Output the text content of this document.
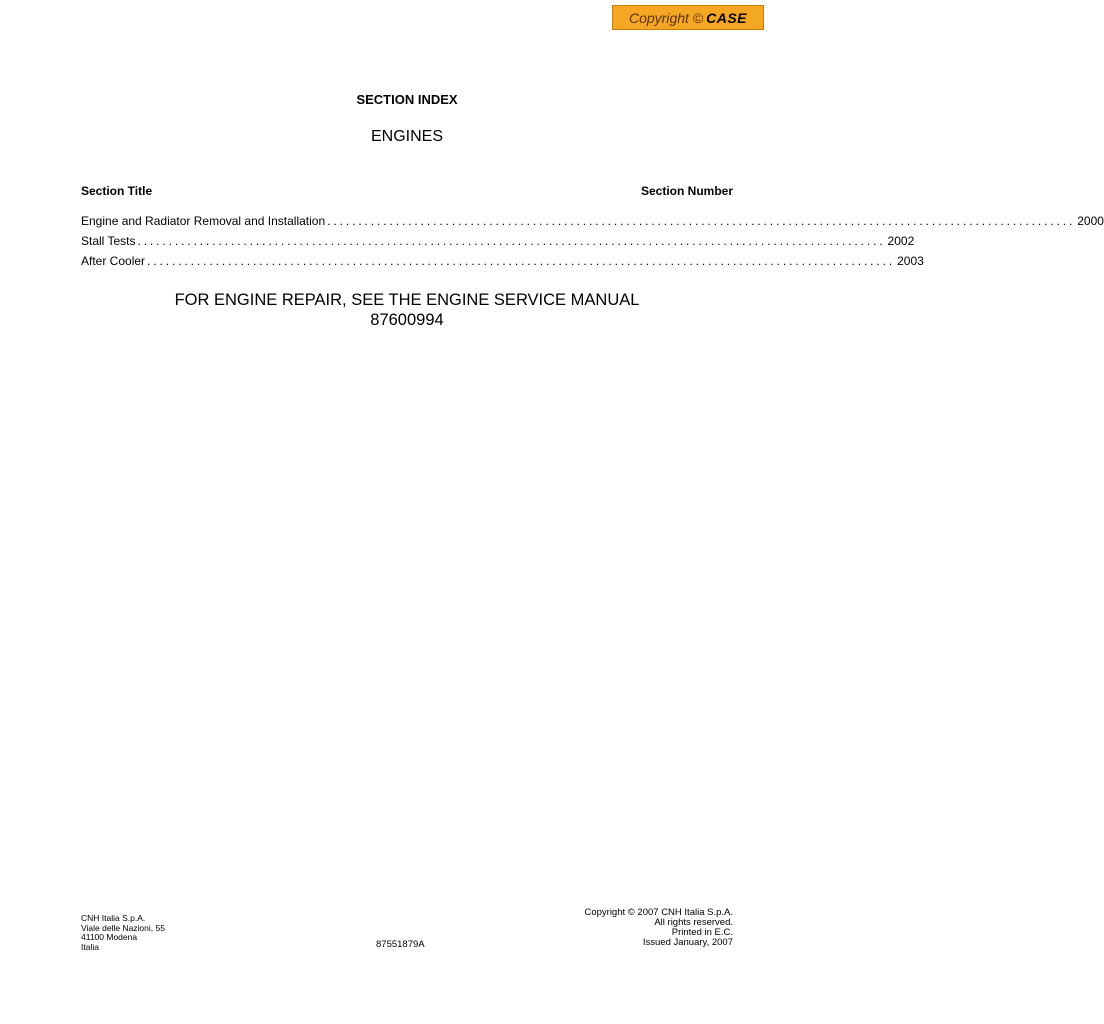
Copyright © CASE
SECTION INDEX
ENGINES
Section Title	Section Number
Engine and Radiator Removal and Installation ........................................................................................................................ 2000
Stall Tests ........................................................................................................................ 2002
After Cooler ........................................................................................................................ 2003
FOR ENGINE REPAIR, SEE THE ENGINE SERVICE MANUAL
87600994
CNH Italia S.p.A.
Viale delle Nazioni, 55
41100 Modena
Italia	87551879A
Copyright © 2007 CNH Italia S.p.A.
All rights reserved.
Printed in E.C.
Issued January, 2007
